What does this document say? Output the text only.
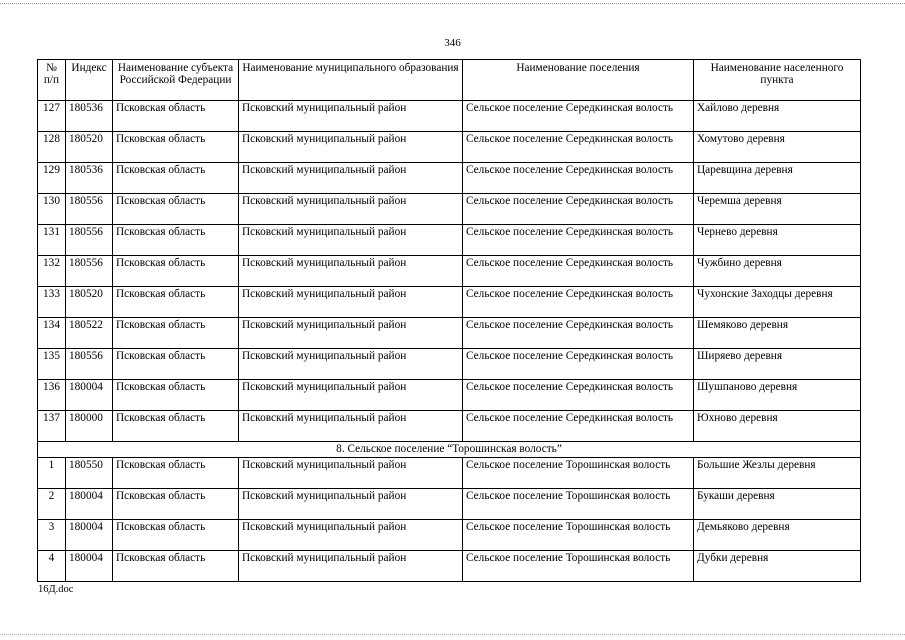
346
№ п/п	Индекс	Наименование субъекта Российской Федерации	Наименование муниципального образования	Наименование поселения	Наименование населенного пункта
127	180536	Псковская область	Псковский муниципальный район	Сельское поселение Середкинская волость	Хайлово деревня
128	180520	Псковская область	Псковский муниципальный район	Сельское поселение Середкинская волость	Хомутово деревня
129	180536	Псковская область	Псковский муниципальный район	Сельское поселение Середкинская волость	Царевщина деревня
130	180556	Псковская область	Псковский муниципальный район	Сельское поселение Середкинская волость	Черемша деревня
131	180556	Псковская область	Псковский муниципальный район	Сельское поселение Середкинская волость	Чернево деревня
132	180556	Псковская область	Псковский муниципальный район	Сельское поселение Середкинская волость	Чужбино деревня
133	180520	Псковская область	Псковский муниципальный район	Сельское поселение Середкинская волость	Чухонские Заходцы деревня
134	180522	Псковская область	Псковский муниципальный район	Сельское поселение Середкинская волость	Шемяково деревня
135	180556	Псковская область	Псковский муниципальный район	Сельское поселение Середкинская волость	Ширяево деревня
136	180004	Псковская область	Псковский муниципальный район	Сельское поселение Середкинская волость	Шушпаново деревня
137	180000	Псковская область	Псковский муниципальный район	Сельское поселение Середкинская волость	Юхново деревня
8. Сельское поселение “Торошинская волость”					
1	180550	Псковская область	Псковский муниципальный район	Сельское поселение Торошинская волость	Большие Жезлы деревня
2	180004	Псковская область	Псковский муниципальный район	Сельское поселение Торошинская волость	Букаши деревня
3	180004	Псковская область	Псковский муниципальный район	Сельское поселение Торошинская волость	Демьяково деревня
4	180004	Псковская область	Псковский муниципальный район	Сельское поселение Торошинская волость	Дубки деревня
16Д.doc
